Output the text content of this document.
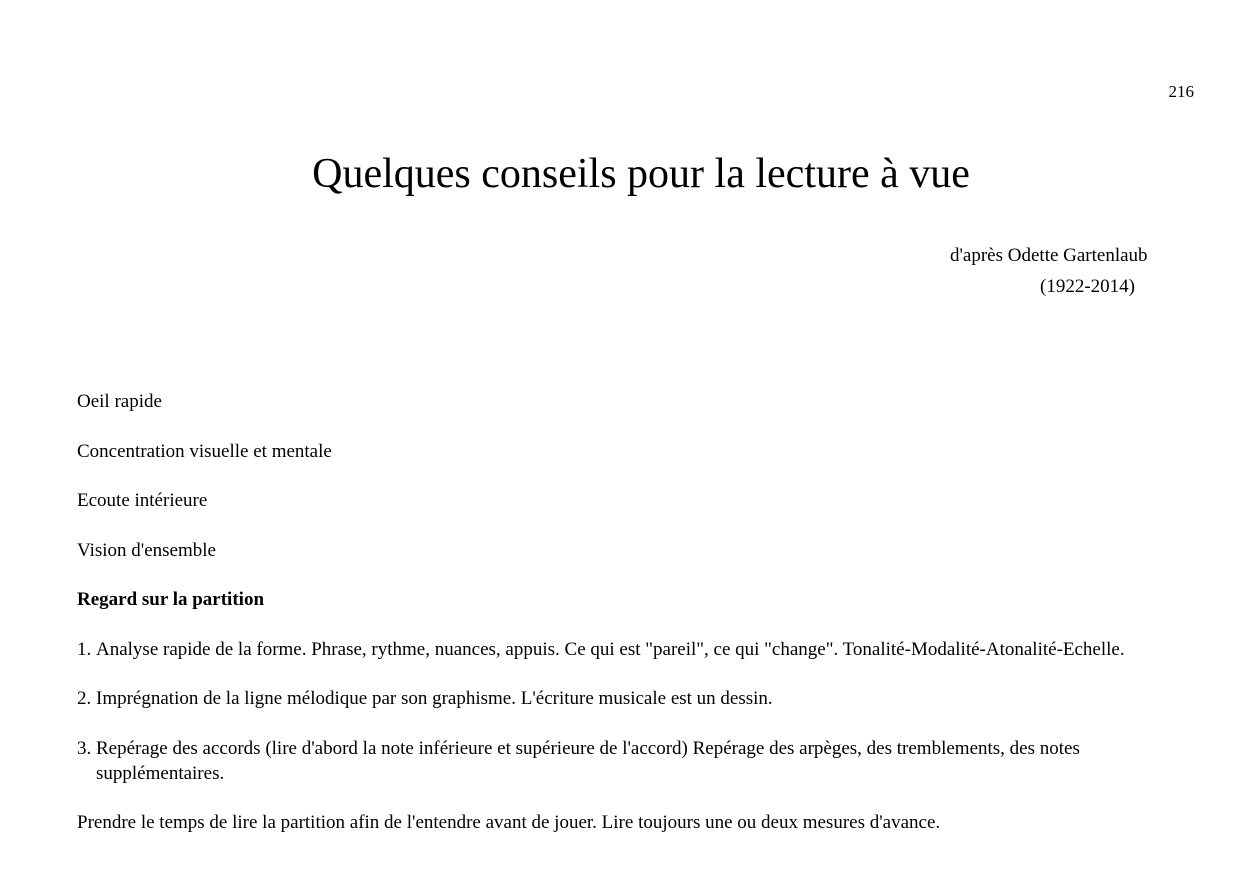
216
Quelques conseils pour la lecture à vue
d'après Odette Gartenlaub
(1922-2014)

Oeil rapide

Concentration visuelle et mentale

Ecoute intérieure

Vision d'ensemble

Regard sur la partition

1. Analyse rapide de la forme. Phrase, rythme, nuances, appuis. Ce qui est "pareil", ce qui "change". Tonalité-Modalité-Atonalité-Echelle.
2. Imprégnation de la ligne mélodique par son graphisme. L'écriture musicale est un dessin.
3. Repérage des accords (lire d'abord la note inférieure et supérieure de l'accord) Repérage des arpèges, des tremblements, des notes supplémentaires.

Prendre le temps de lire la partition afin de l'entendre avant de jouer. Lire toujours une ou deux mesures d'avance.
